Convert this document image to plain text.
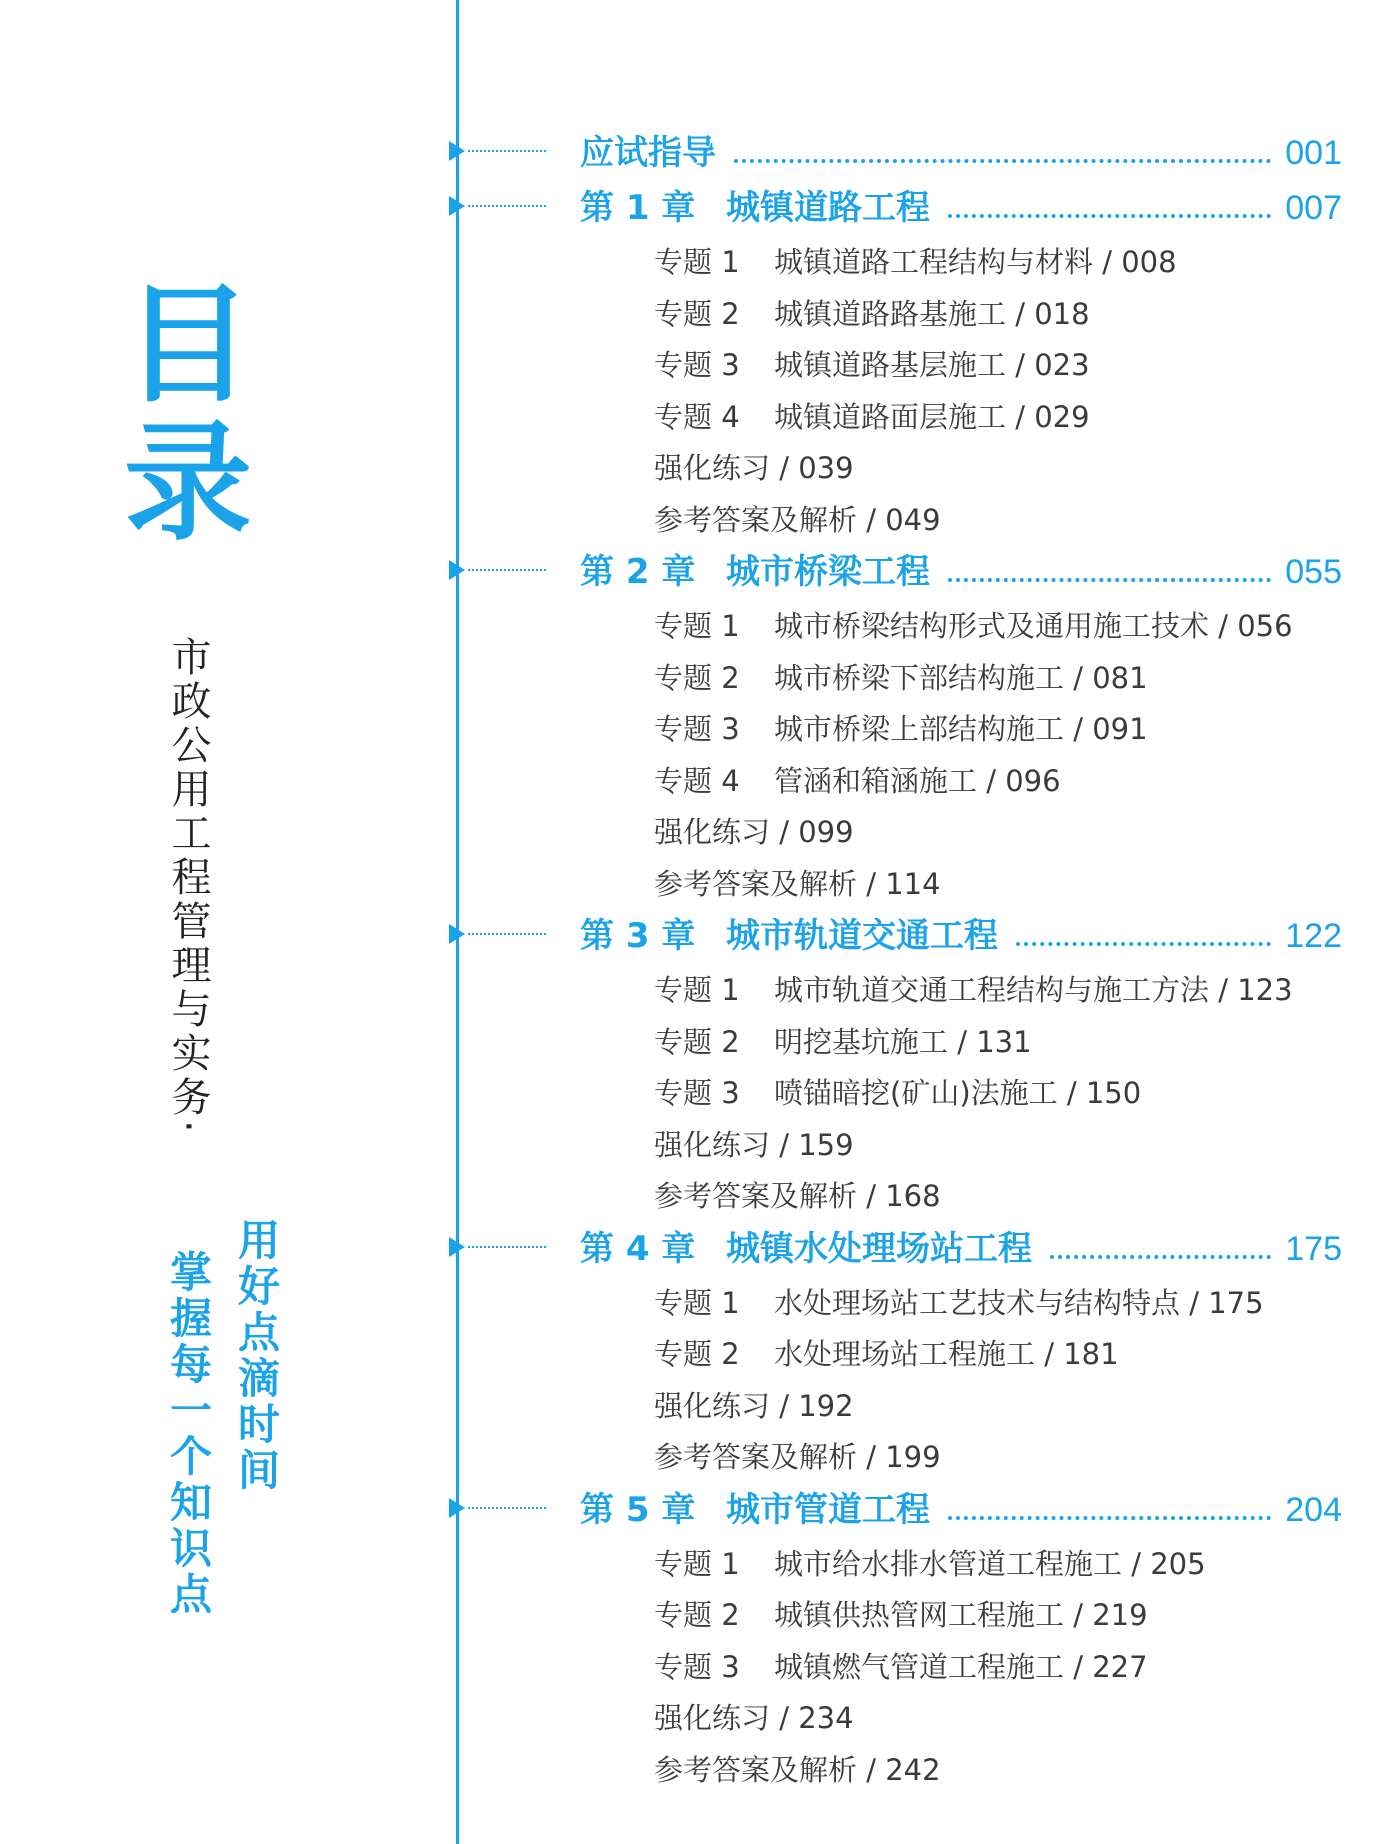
目
录
市政公用工程管理与实务·
用好点滴时间
掌握每一个知识点
应试指导	001
第 1 章 城镇道路工程	007
专题 1 城镇道路工程结构与材料 / 008
专题 2 城镇道路路基施工 / 018
专题 3 城镇道路基层施工 / 023
专题 4 城镇道路面层施工 / 029
强化练习 / 039
参考答案及解析 / 049
第 2 章 城市桥梁工程	055
专题 1 城市桥梁结构形式及通用施工技术 / 056
专题 2 城市桥梁下部结构施工 / 081
专题 3 城市桥梁上部结构施工 / 091
专题 4 管涵和箱涵施工 / 096
强化练习 / 099
参考答案及解析 / 114
第 3 章 城市轨道交通工程	122
专题 1 城市轨道交通工程结构与施工方法 / 123
专题 2 明挖基坑施工 / 131
专题 3 喷锚暗挖(矿山)法施工 / 150
强化练习 / 159
参考答案及解析 / 168
第 4 章 城镇水处理场站工程	175
专题 1 水处理场站工艺技术与结构特点 / 175
专题 2 水处理场站工程施工 / 181
强化练习 / 192
参考答案及解析 / 199
第 5 章 城市管道工程	204
专题 1 城市给水排水管道工程施工 / 205
专题 2 城镇供热管网工程施工 / 219
专题 3 城镇燃气管道工程施工 / 227
强化练习 / 234
参考答案及解析 / 242
